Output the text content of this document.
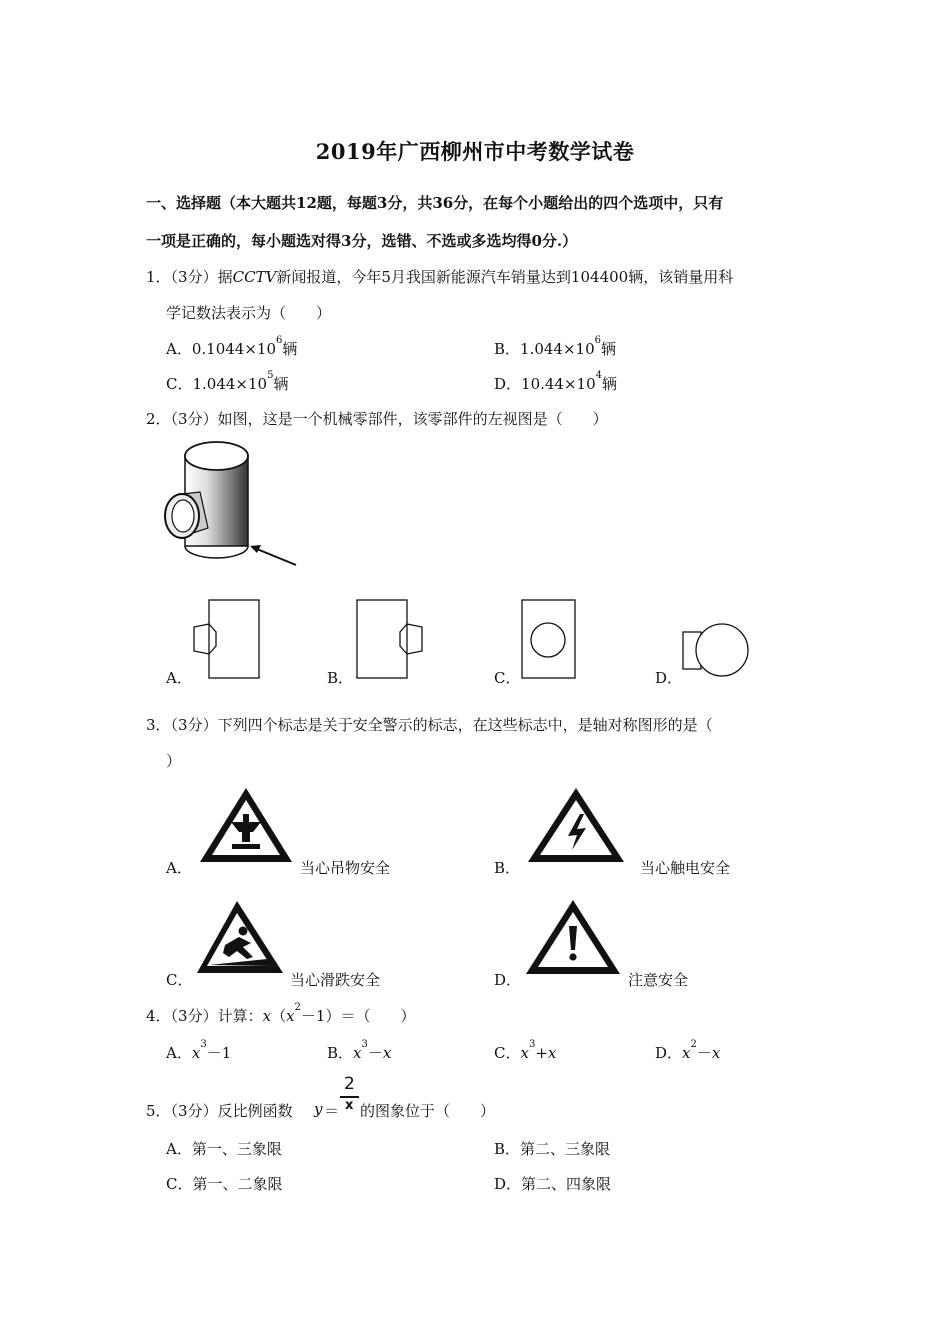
2019年广西柳州市中考数学试卷
一、选择题（本大题共12题，每题3分，共36分，在每个小题给出的四个选项中，只有
一项是正确的，每小题选对得3分，选错、不选或多选均得0分.）
1．（3分）据CCTV新闻报道，今年5月我国新能源汽车销量达到104400辆，该销量用科
学记数法表示为（　　）
A．$0.1044\times 10^6$辆	B．$1.044\times 10^6$辆
C．$1.044\times 10^5$辆	D．$10.44\times 10^4$辆
2．（3分）如图，这是一个机械零部件，该零部件的左视图是（　　）
A．	B．	C．	D．
3．（3分）下列四个标志是关于安全警示的标志，在这些标志中，是轴对称图形的是（
）
A．	当心吊物安全	B．	当心触电安全
C．	当心滑跌安全	D．	注意安全
4．（3分）计算：$x(x^2-1)=$（　　）
A．$x^3-1$	B．$x^3-x$	C．$x^3+x$	D．$x^2-x$
5．（3分）反比例函数 y ＝
2
x 的图象位于（　　）
A．第一、三象限	B．第二、三象限
C．第一、二象限	D．第二、四象限
